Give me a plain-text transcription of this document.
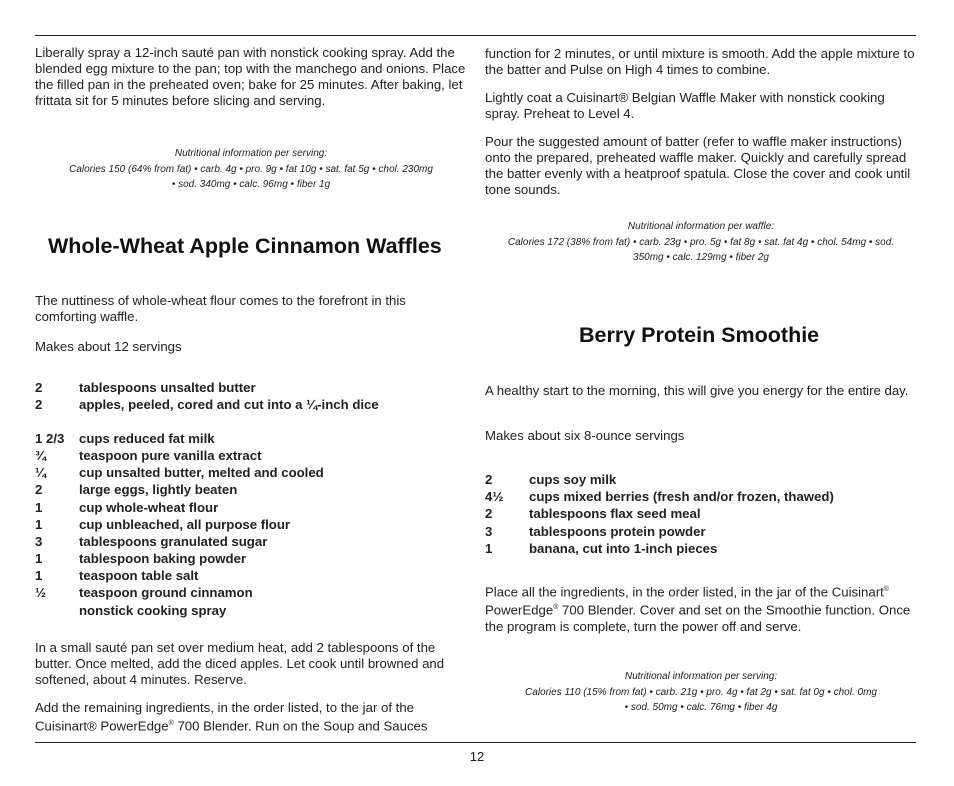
Liberally spray a 12-inch sauté pan with nonstick cooking spray. Add the blended egg mixture to the pan; top with the manchego and onions. Place the filled pan in the preheated oven; bake for 25 minutes. After baking, let frittata sit for 5 minutes before slicing and serving.

Nutritional information per serving:
Calories 150 (64% from fat) • carb. 4g • pro. 9g • fat 10g • sat. fat 5g • chol. 230mg
• sod. 340mg • calc. 96mg • fiber 1g
Whole-Wheat Apple Cinnamon Waffles

The nuttiness of whole-wheat flour comes to the forefront in this comforting waffle.

Makes about 12 servings

2	tablespoons unsalted butter
2	apples, peeled, cored and cut into a ¼-inch dice
1 2/3 cups reduced fat milk
¾	teaspoon pure vanilla extract
¼	cup unsalted butter, melted and cooled
2	large eggs, lightly beaten
1	cup whole-wheat flour
1	cup unbleached, all purpose flour
3	tablespoons granulated sugar
1	tablespoon baking powder
1	teaspoon table salt
½	teaspoon ground cinnamon
nonstick cooking spray

In a small sauté pan set over medium heat, add 2 tablespoons of the butter. Once melted, add the diced apples. Let cook until browned and softened, about 4 minutes. Reserve.

Add the remaining ingredients, in the order listed, to the jar of the Cuisinart® PowerEdge® 700 Blender. Run on the Soup and Sauces

function for 2 minutes, or until mixture is smooth. Add the apple mixture to the batter and Pulse on High 4 times to combine.

Lightly coat a Cuisinart® Belgian Waffle Maker with nonstick cooking spray. Preheat to Level 4.

Pour the suggested amount of batter (refer to waffle maker instructions) onto the prepared, preheated waffle maker. Quickly and carefully spread the batter evenly with a heatproof spatula. Close the cover and cook until tone sounds.

Nutritional information per waffle:
Calories 172 (38% from fat) • carb. 23g • pro. 5g • fat 8g • sat. fat 4g • chol. 54mg • sod.
350mg • calc. 129mg • fiber 2g
Berry Protein Smoothie

A healthy start to the morning, this will give you energy for the entire day.

Makes about six 8-ounce servings

2	cups soy milk
4½ cups mixed berries (fresh and/or frozen, thawed)
2	tablespoons flax seed meal
3	tablespoons protein powder
1	banana, cut into 1-inch pieces

Place all the ingredients, in the order listed, in the jar of the Cuisinart® PowerEdge® 700 Blender. Cover and set on the Smoothie function. Once the program is complete, turn the power off and serve.

Nutritional information per serving:
Calories 110 (15% from fat) • carb. 21g • pro. 4g • fat 2g • sat. fat 0g • chol. 0mg
• sod. 50mg • calc. 76mg • fiber 4g
12
